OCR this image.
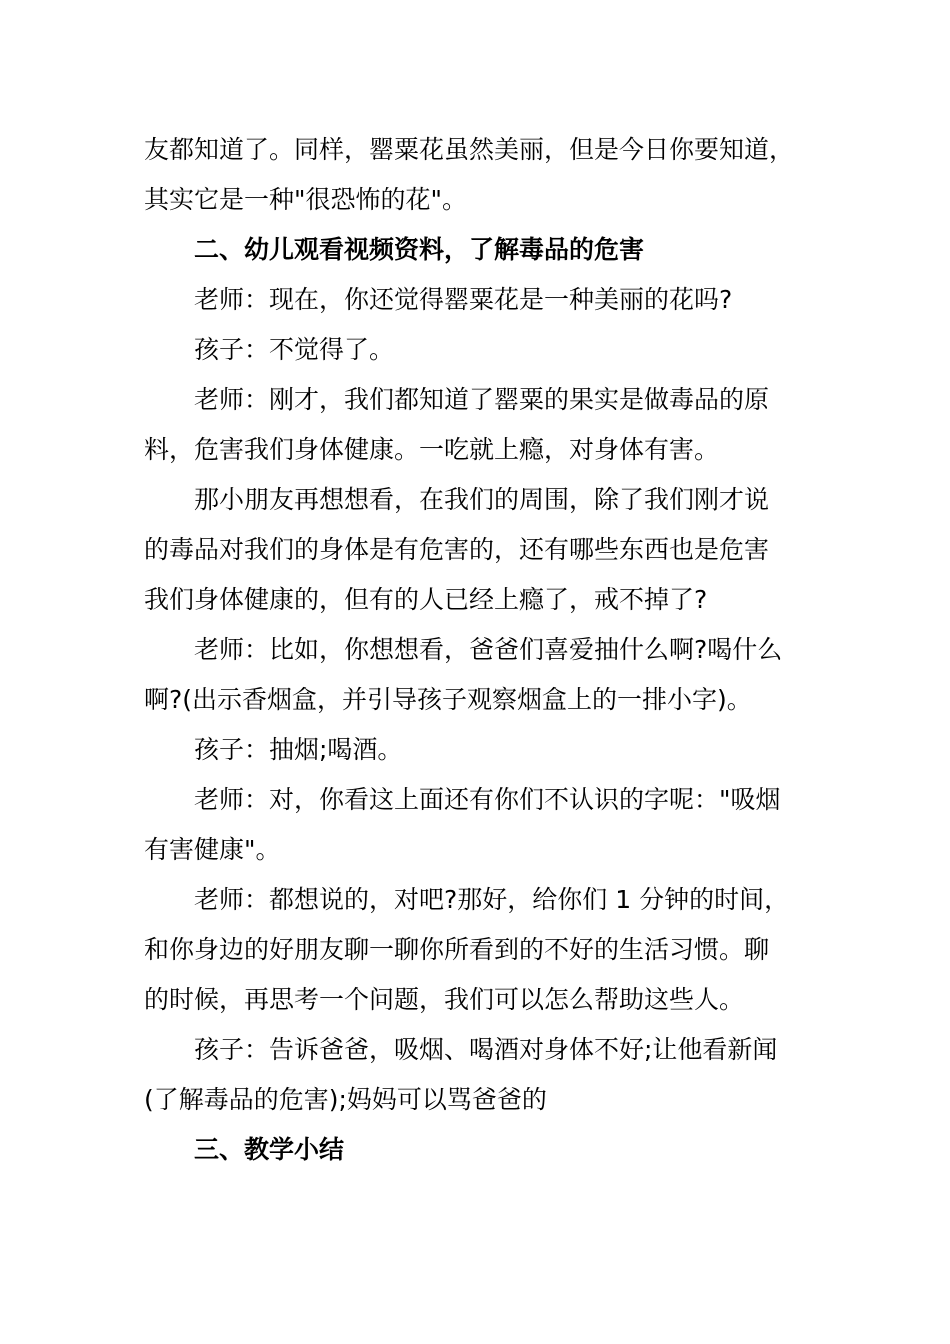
友都知道了。同样，罂粟花虽然美丽，但是今日你要知道，
其实它是一种"很恐怖的花"。
二、幼儿观看视频资料，了解毒品的危害
老师：现在，你还觉得罂粟花是一种美丽的花吗?
孩子：不觉得了。
老师：刚才，我们都知道了罂粟的果实是做毒品的原
料，危害我们身体健康。一吃就上瘾，对身体有害。
那小朋友再想想看，在我们的周围，除了我们刚才说
的毒品对我们的身体是有危害的，还有哪些东西也是危害
我们身体健康的，但有的人已经上瘾了，戒不掉了?
老师：比如，你想想看，爸爸们喜爱抽什么啊?喝什么
啊?(出示香烟盒，并引导孩子观察烟盒上的一排小字)。
孩子：抽烟;喝酒。
老师：对，你看这上面还有你们不认识的字呢："吸烟
有害健康"。
老师：都想说的，对吧?那好，给你们 1 分钟的时间，
和你身边的好朋友聊一聊你所看到的不好的生活习惯。聊
的时候，再思考一个问题，我们可以怎么帮助这些人。
孩子：告诉爸爸，吸烟、喝酒对身体不好;让他看新闻
(了解毒品的危害);妈妈可以骂爸爸的
三、教学小结
